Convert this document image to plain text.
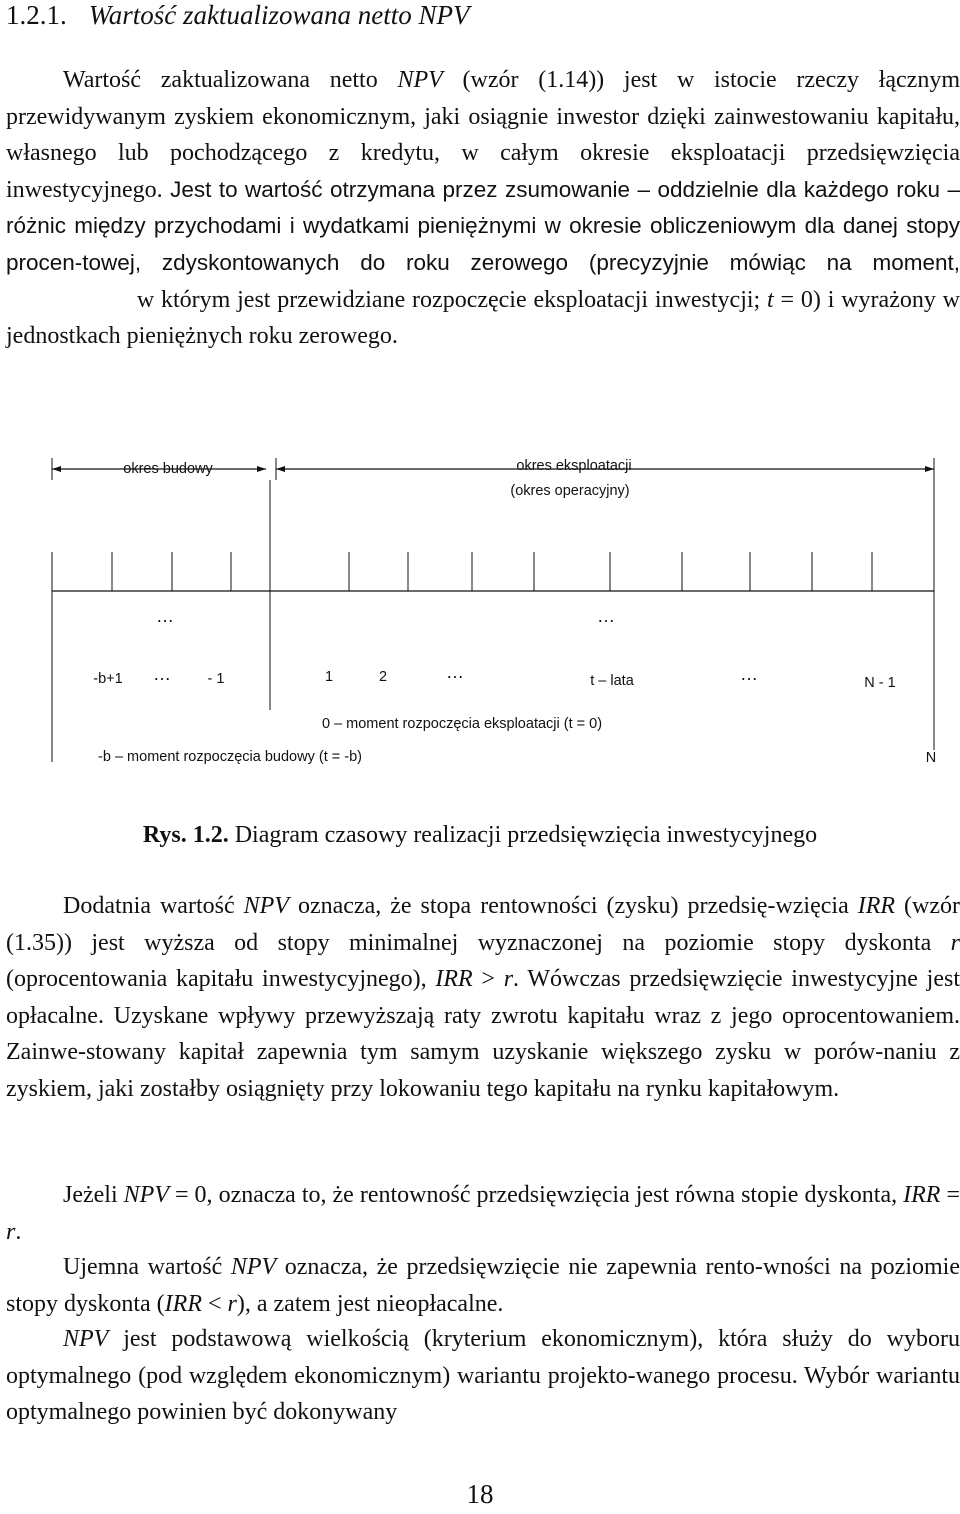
1.2.1. Wartość zaktualizowana netto NPV

Wartość zaktualizowana netto NPV (wzór (1.14)) jest w istocie rzeczy łącznym przewidywanym zyskiem ekonomicznym, jaki osiągnie inwestor dzięki zainwestowaniu kapitału, własnego lub pochodzącego z kredytu, w całym okresie eksploatacji przedsięwzięcia inwestycyjnego. Jest to wartość otrzymana przez zsumowanie – oddzielnie dla każdego roku – różnic między przychodami i wydatkami pieniężnymi w okresie obliczeniowym dla danej stopy procen-towej, zdyskontowanych do roku zerowego (precyzyjnie mówiąc na moment,  w którym jest przewidziane rozpoczęcie eksploatacji inwestycji; t = 0) i wyrażony w jednostkach pieniężnych roku zerowego.

okres budowy	okres eksploatacji
(okres operacyjny)
…	…
-b+1 …	- 1	1	2	…	t – lata	…	N - 1
0 – moment rozpoczęcia eksploatacji (t = 0)
-b – moment rozpoczęcia budowy (t = -b)	N
Rys. 1.2. Diagram czasowy realizacji przedsięwzięcia inwestycyjnego

Dodatnia wartość NPV oznacza, że stopa rentowności (zysku) przedsię-wzięcia IRR (wzór (1.35)) jest wyższa od stopy minimalnej wyznaczonej na poziomie stopy dyskonta r (oprocentowania kapitału inwestycyjnego), IRR > r. Wówczas przedsięwzięcie inwestycyjne jest opłacalne. Uzyskane wpływy przewyższają raty zwrotu kapitału wraz z jego oprocentowaniem. Zainwe-stowany kapitał zapewnia tym samym uzyskanie większego zysku w porów-naniu z zyskiem, jaki zostałby osiągnięty przy lokowaniu tego kapitału na rynku kapitałowym.

Jeżeli NPV = 0, oznacza to, że rentowność przedsięwzięcia jest równa stopie dyskonta, IRR = r.

Ujemna wartość NPV oznacza, że przedsięwzięcie nie zapewnia rento-wności na poziomie stopy dyskonta (IRR < r), a zatem jest nieopłacalne.

NPV jest podstawową wielkością (kryterium ekonomicznym), która służy do wyboru optymalnego (pod względem ekonomicznym) wariantu projekto-wanego procesu. Wybór wariantu optymalnego powinien być dokonywany

18
